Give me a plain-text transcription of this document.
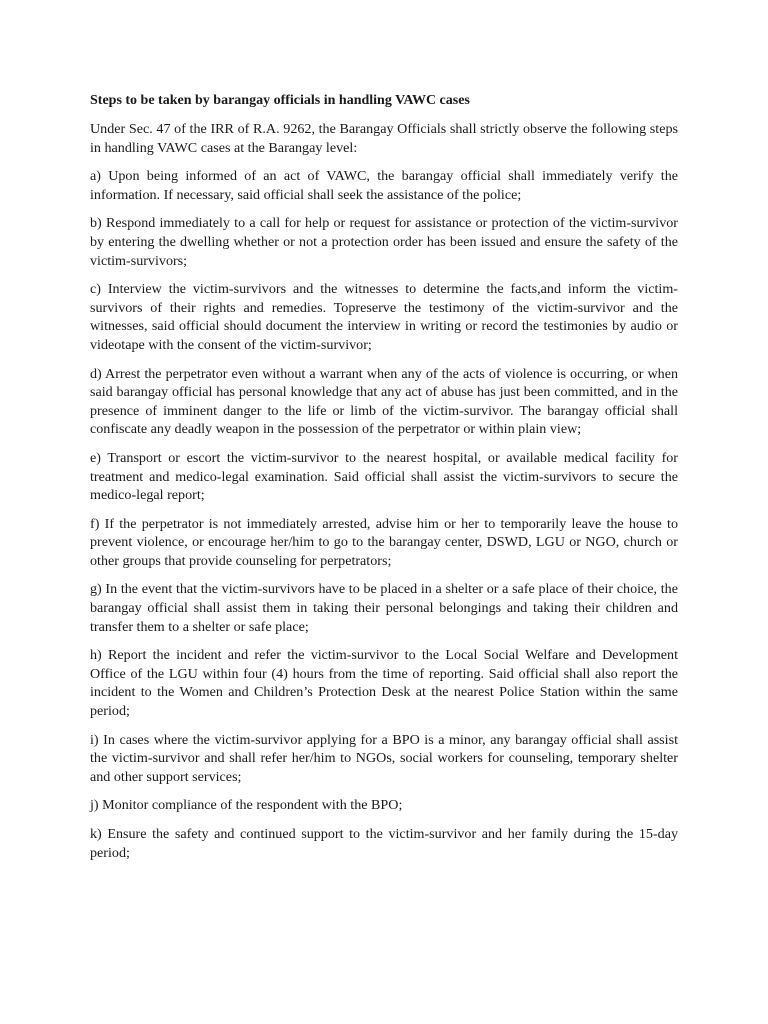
Steps to be taken by barangay officials in handling VAWC cases

Under Sec. 47 of the IRR of R.A. 9262, the Barangay Officials shall strictly observe the following steps in handling VAWC cases at the Barangay level:

a) Upon being informed of an act of VAWC, the barangay official shall immediately verify the information. If necessary, said official shall seek the assistance of the police;

b) Respond immediately to a call for help or request for assistance or protection of the victim-survivor by entering the dwelling whether or not a protection order has been issued and ensure the safety of the victim-survivors;

c) Interview the victim-survivors and the witnesses to determine the facts,and inform the victim-survivors of their rights and remedies. Topreserve the testimony of the victim-survivor and the witnesses, said official should document the interview in writing or record the testimonies by audio or videotape with the consent of the victim-survivor;

d) Arrest the perpetrator even without a warrant when any of the acts of violence is occurring, or when said barangay official has personal knowledge that any act of abuse has just been committed, and in the presence of imminent danger to the life or limb of the victim-survivor. The barangay official shall confiscate any deadly weapon in the possession of the perpetrator or within plain view;

e) Transport or escort the victim-survivor to the nearest hospital, or available medical facility for treatment and medico-legal examination. Said official shall assist the victim-survivors to secure the medico-legal report;

f) If the perpetrator is not immediately arrested, advise him or her to temporarily leave the house to prevent violence, or encourage her/him to go to the barangay center, DSWD, LGU or NGO, church or other groups that provide counseling for perpetrators;

g) In the event that the victim-survivors have to be placed in a shelter or a safe place of their choice, the barangay official shall assist them in taking their personal belongings and taking their children and transfer them to a shelter or safe place;

h) Report the incident and refer the victim-survivor to the Local Social Welfare and Development Office of the LGU within four (4) hours from the time of reporting. Said official shall also report the incident to the Women and Children’s Protection Desk at the nearest Police Station within the same period;

i) In cases where the victim-survivor applying for a BPO is a minor, any barangay official shall assist the victim-survivor and shall refer her/him to NGOs, social workers for counseling, temporary shelter and other support services;

j) Monitor compliance of the respondent with the BPO;

k) Ensure the safety and continued support to the victim-survivor and her family during the 15-day period;
